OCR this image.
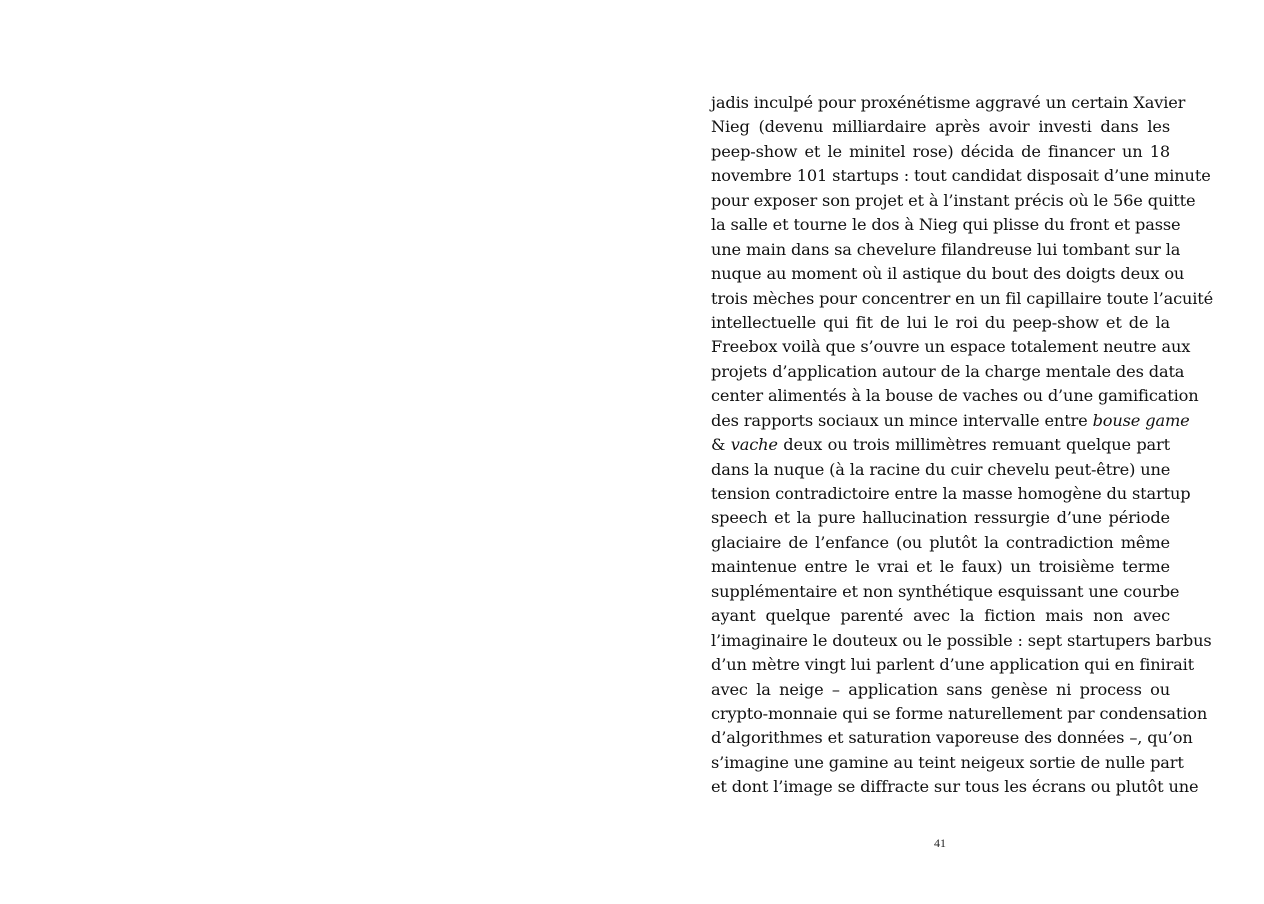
jadis inculpé pour proxénétisme aggravé un certain Xavier
Nieg (devenu milliardaire après avoir investi dans les
peep-show et le minitel rose) décida de financer un 18
novembre 101 startups : tout candidat disposait d’une minute
pour exposer son projet et à l’instant précis où le 56e quitte
la salle et tourne le dos à Nieg qui plisse du front et passe
une main dans sa chevelure filandreuse lui tombant sur la
nuque au moment où il astique du bout des doigts deux ou
trois mèches pour concentrer en un fil capillaire toute l’acuité
intellectuelle qui fit de lui le roi du peep-show et de la
Freebox voilà que s’ouvre un espace totalement neutre aux
projets d’application autour de la charge mentale des data
center alimentés à la bouse de vaches ou d’une gamification
des rapports sociaux un mince intervalle entre bouse game
& vache deux ou trois millimètres remuant quelque part
dans la nuque (à la racine du cuir chevelu peut-être) une
tension contradictoire entre la masse homogène du startup
speech et la pure hallucination ressurgie d’une période
glaciaire de l’enfance (ou plutôt la contradiction même
maintenue entre le vrai et le faux) un troisième terme
supplémentaire et non synthétique esquissant une courbe
ayant quelque parenté avec la fiction mais non avec
l’imaginaire le douteux ou le possible : sept startupers barbus
d’un mètre vingt lui parlent d’une application qui en finirait
avec la neige – application sans genèse ni process ou
crypto-monnaie qui se forme naturellement par condensation
d’algorithmes et saturation vaporeuse des données –, qu’on
s’imagine une gamine au teint neigeux sortie de nulle part
et dont l’image se diffracte sur tous les écrans ou plutôt une
41
